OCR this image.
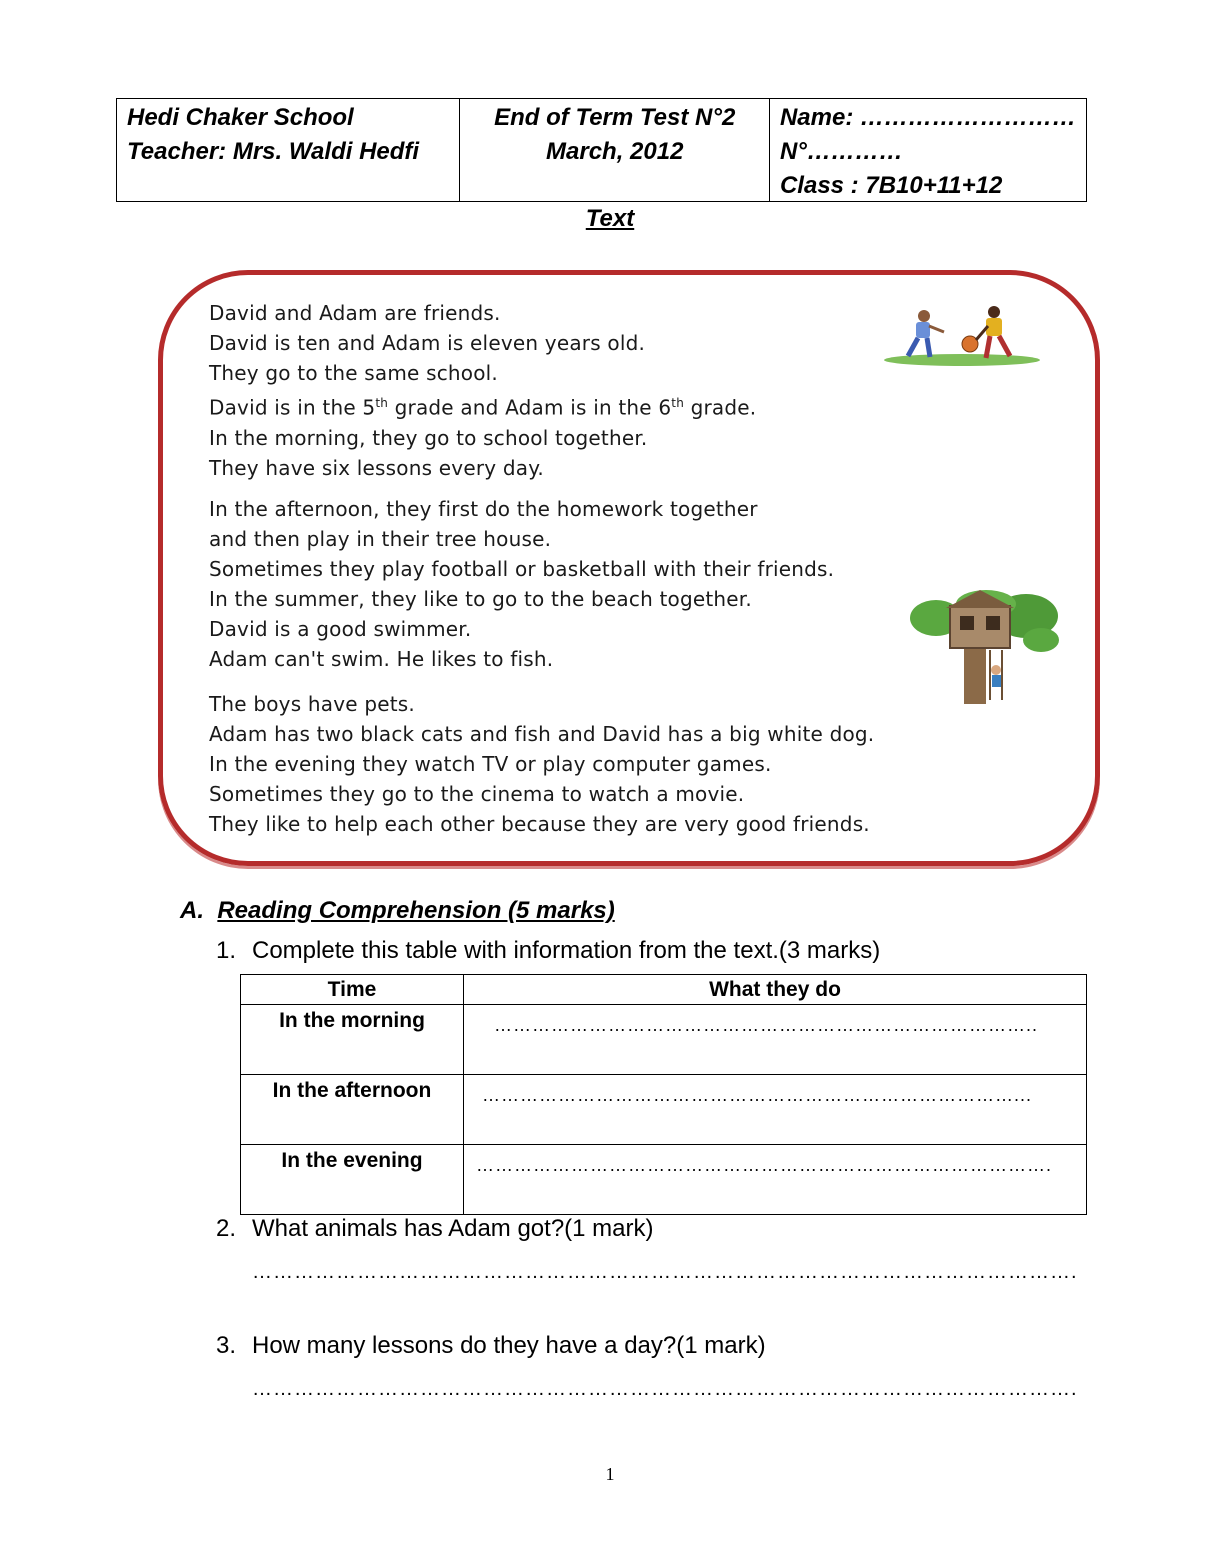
Hedi Chaker School
Teacher: Mrs. Waldi Hedfi
End of Term Test N°2
March, 2012
Name: ………………………
N°…………
Class : 7B10+11+12
Text
David and Adam are friends.
David is ten and Adam is eleven years old.
They go to the same school.
David is in the 5th grade and Adam is in the 6th grade.
In the morning, they go to school together.
They have six lessons every day.
In the afternoon, they first do the homework together
and then play in their tree house.
Sometimes they play football or basketball with their friends.
In the summer, they like to go to the beach together.
David is a good swimmer.
Adam can't swim. He likes to fish.
The boys have pets.
Adam has two black cats and fish and David has a big white dog.
In the evening they watch TV or play computer games.
Sometimes they go to the cinema to watch a movie.
They like to help each other because they are very good friends.
A. Reading Comprehension (5 marks)
1. Complete this table with information from the text.(3 marks)
Time	What they do
In the morning	…………………………………………………………………………..
In the afternoon	…………………………………………………………………………...
In the evening	……………………………………………………………………………….
2. What animals has Adam got?(1 mark)
……………………………………………………………………………………………………….
3. How many lessons do they have a day?(1 mark)
……………………………………………………………………………………………………….
1
